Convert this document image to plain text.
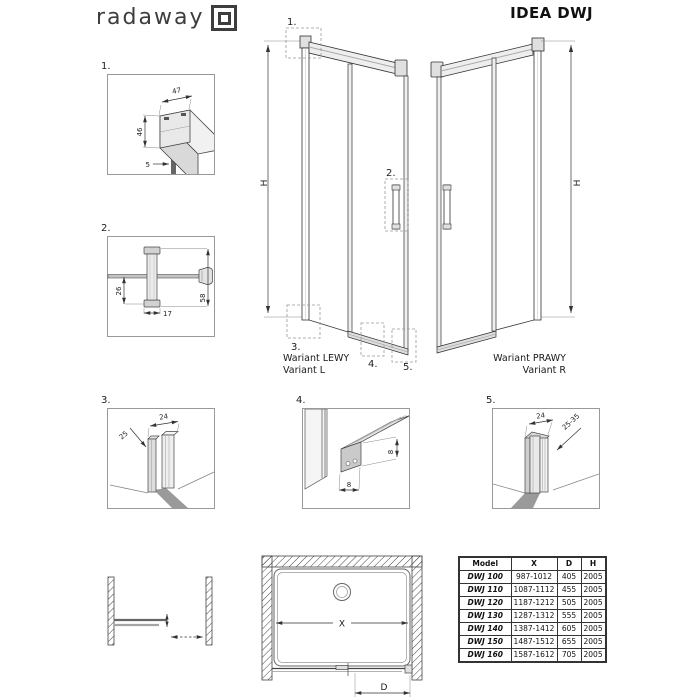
radaway	IDEA DWJ
1.
47
46
5
2.
26
17
58
H
1.
2.
3.
4.	5.
Wariant LEWY
Variant L
H
Wariant PRAWY
Variant R
3.
24
25
4.
8
8
5.
24 25-35
X
D
Model	X	D	H
DWJ 100	987-1012	405	2005
DWJ 110	1087-1112	455	2005
DWJ 120	1187-1212	505	2005
DWJ 130	1287-1312	555	2005
DWJ 140	1387-1412	605	2005
DWJ 150	1487-1512	655	2005
DWJ 160	1587-1612	705	2005
